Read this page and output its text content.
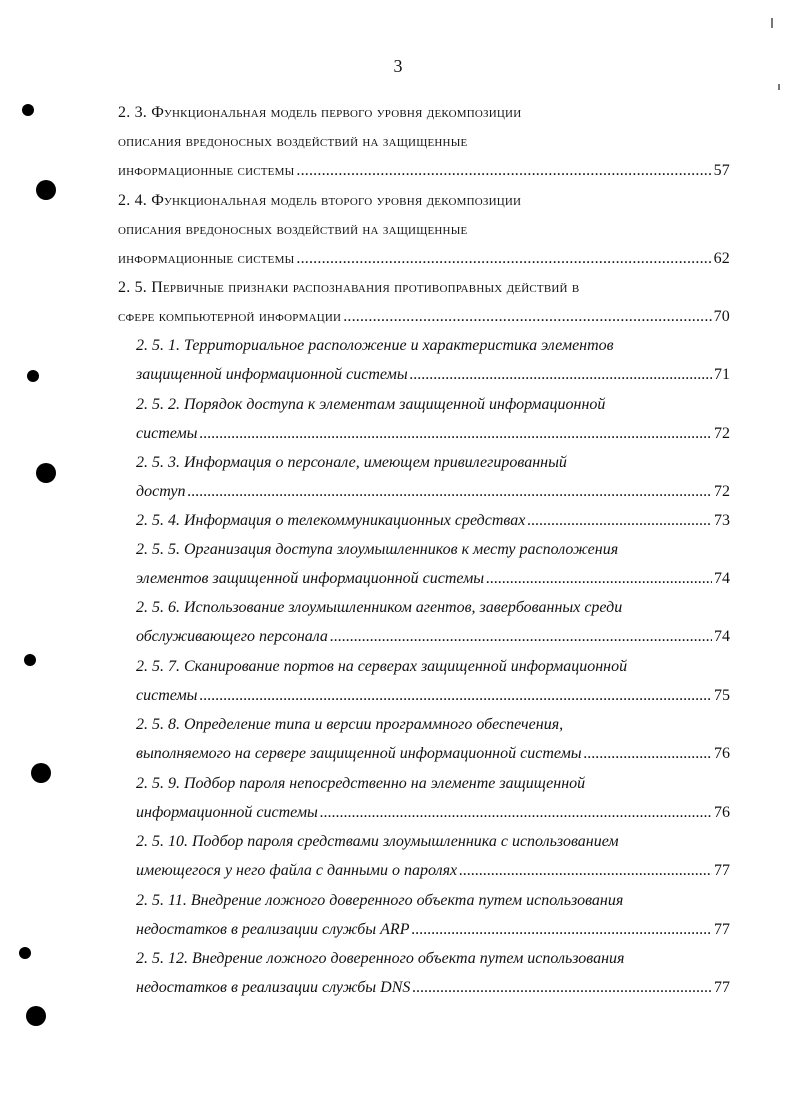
3
2. 3. Функциональная модель первого уровня декомпозиции
описания вредоносных воздействий на защищенные
информационные системы .....	57
2. 4. Функциональная модель второго уровня декомпозиции
описания вредоносных воздействий на защищенные
информационные системы .....	62
2. 5. Первичные признаки распознавания противоправных действий в
сфере компьютерной информации .....	70
2. 5. 1. Территориальное расположение и характеристика элементов
защищенной информационной системы .....	71
2. 5. 2. Порядок доступа к элементам защищенной информационной
системы .....	72
2. 5. 3. Информация о персонале, имеющем привилегированный
доступ .....	72
2. 5. 4. Информация о телекоммуникационных средствах .....	73
2. 5. 5. Организация доступа злоумышленников к месту расположения
элементов защищенной информационной системы .....	74
2. 5. 6. Использование злоумышленником агентов, завербованных среди
обслуживающего персонала .....	74
2. 5. 7. Сканирование портов на серверах защищенной информационной
системы .....	75
2. 5. 8. Определение типа и версии программного обеспечения,
выполняемого на сервере защищенной информационной системы .....	76
2. 5. 9. Подбор пароля непосредственно на элементе защищенной
информационной системы .....	76
2. 5. 10. Подбор пароля средствами злоумышленника с использованием
имеющегося у него файла с данными о паролях .....	77
2. 5. 11. Внедрение ложного доверенного объекта путем использования
недостатков в реализации службы ARP .....	77
2. 5. 12. Внедрение ложного доверенного объекта путем использования
недостатков в реализации службы DNS .....	77
